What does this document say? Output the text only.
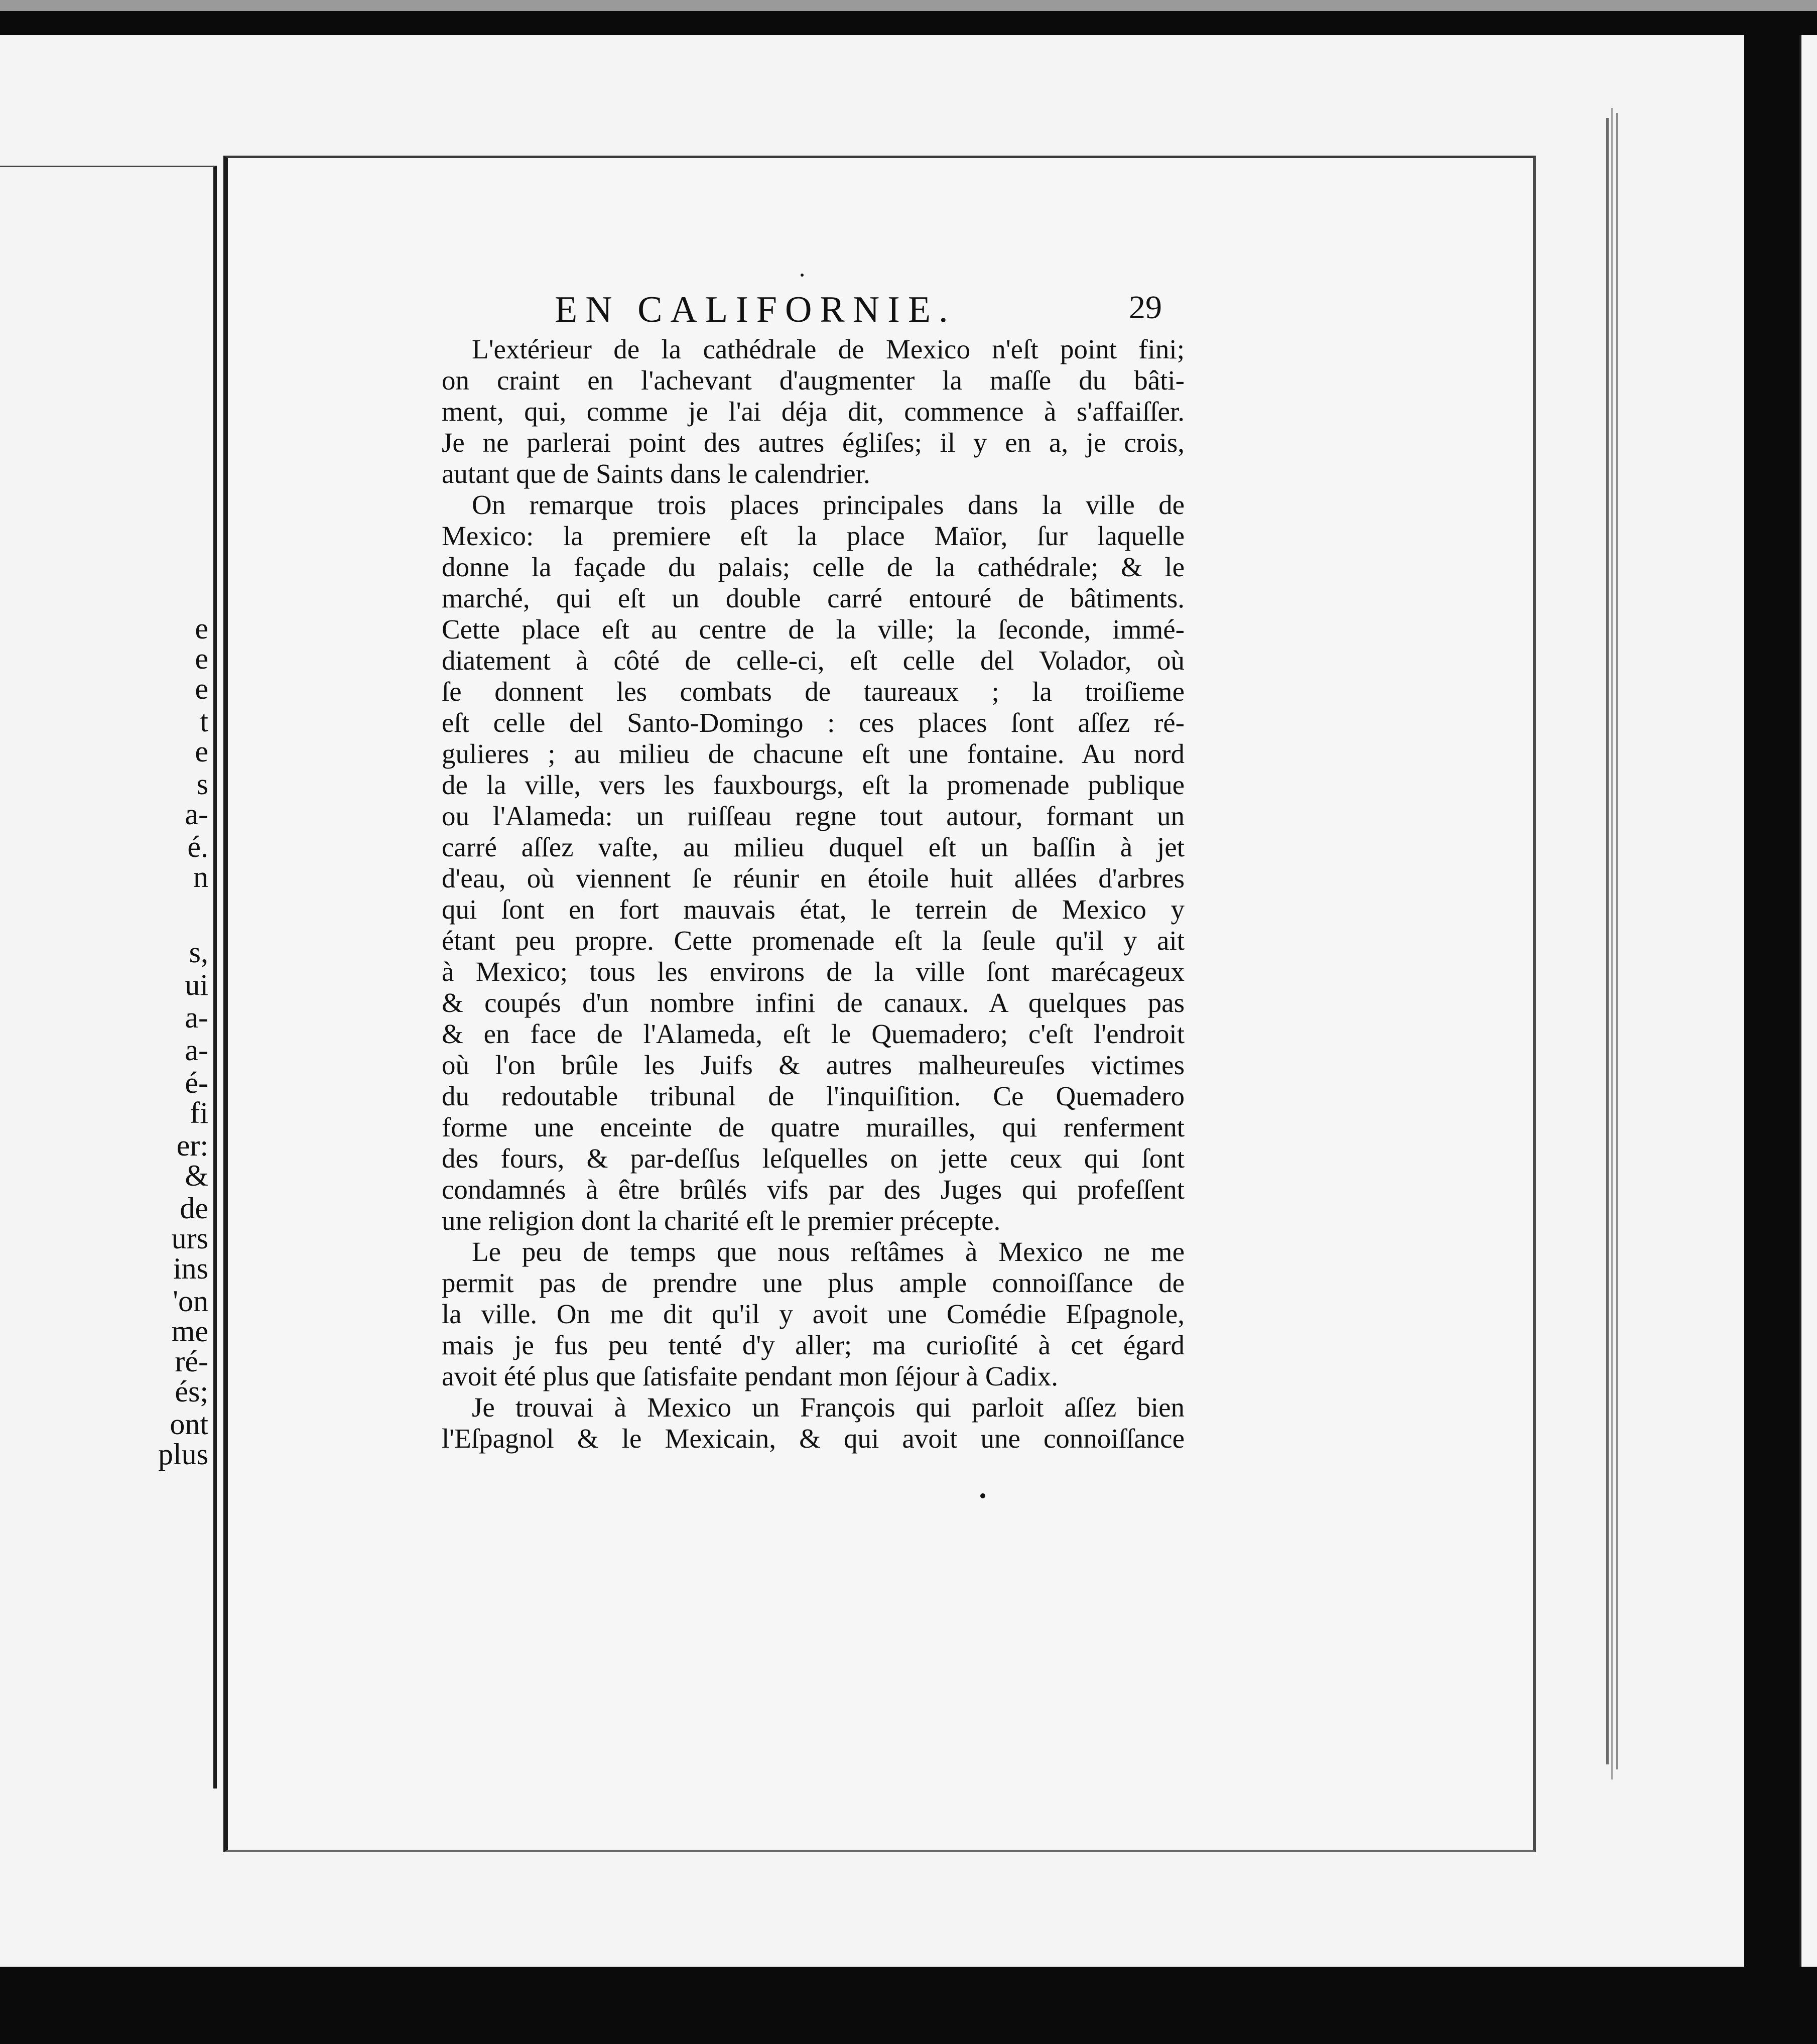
e
e
e
t
e
s
a-
é.
n
s,
ui
a-
a-
é-
fi
er:
&
de
urs
ins
'on
me
ré-
és;
ont
plus
EN CALIFORNIE.	29
L'extérieur de la cathédrale de Mexico n'eſt point fini;
on craint en l'achevant d'augmenter la maſſe du bâti-
ment, qui, comme je l'ai déja dit, commence à s'affaiſſer.
Je ne parlerai point des autres égliſes; il y en a, je crois,
autant que de Saints dans le calendrier.
On remarque trois places principales dans la ville de
Mexico: la premiere eſt la place Maïor, ſur laquelle
donne la façade du palais; celle de la cathédrale; & le
marché, qui eſt un double carré entouré de bâtiments.
Cette place eſt au centre de la ville; la ſeconde, immé-
diatement à côté de celle-ci, eſt celle del Volador, où
ſe donnent les combats de taureaux ; la troiſieme
eſt celle del Santo-Domingo : ces places ſont aſſez ré-
gulieres ; au milieu de chacune eſt une fontaine. Au nord
de la ville, vers les fauxbourgs, eſt la promenade publique
ou l'Alameda: un ruiſſeau regne tout autour, formant un
carré aſſez vaſte, au milieu duquel eſt un baſſin à jet
d'eau, où viennent ſe réunir en étoile huit allées d'arbres
qui ſont en fort mauvais état, le terrein de Mexico y
étant peu propre. Cette promenade eſt la ſeule qu'il y ait
à Mexico; tous les environs de la ville ſont marécageux
& coupés d'un nombre infini de canaux. A quelques pas
& en face de l'Alameda, eſt le Quemadero; c'eſt l'endroit
où l'on brûle les Juifs & autres malheureuſes victimes
du redoutable tribunal de l'inquiſition. Ce Quemadero
forme une enceinte de quatre murailles, qui renferment
des fours, & par-deſſus leſquelles on jette ceux qui ſont
condamnés à être brûlés vifs par des Juges qui profeſſent
une religion dont la charité eſt le premier précepte.
Le peu de temps que nous reſtâmes à Mexico ne me
permit pas de prendre une plus ample connoiſſance de
la ville. On me dit qu'il y avoit une Comédie Eſpagnole,
mais je fus peu tenté d'y aller; ma curioſité à cet égard
avoit été plus que ſatisfaite pendant mon ſéjour à Cadix.
Je trouvai à Mexico un François qui parloit aſſez bien
l'Eſpagnol & le Mexicain, & qui avoit une connoiſſance
